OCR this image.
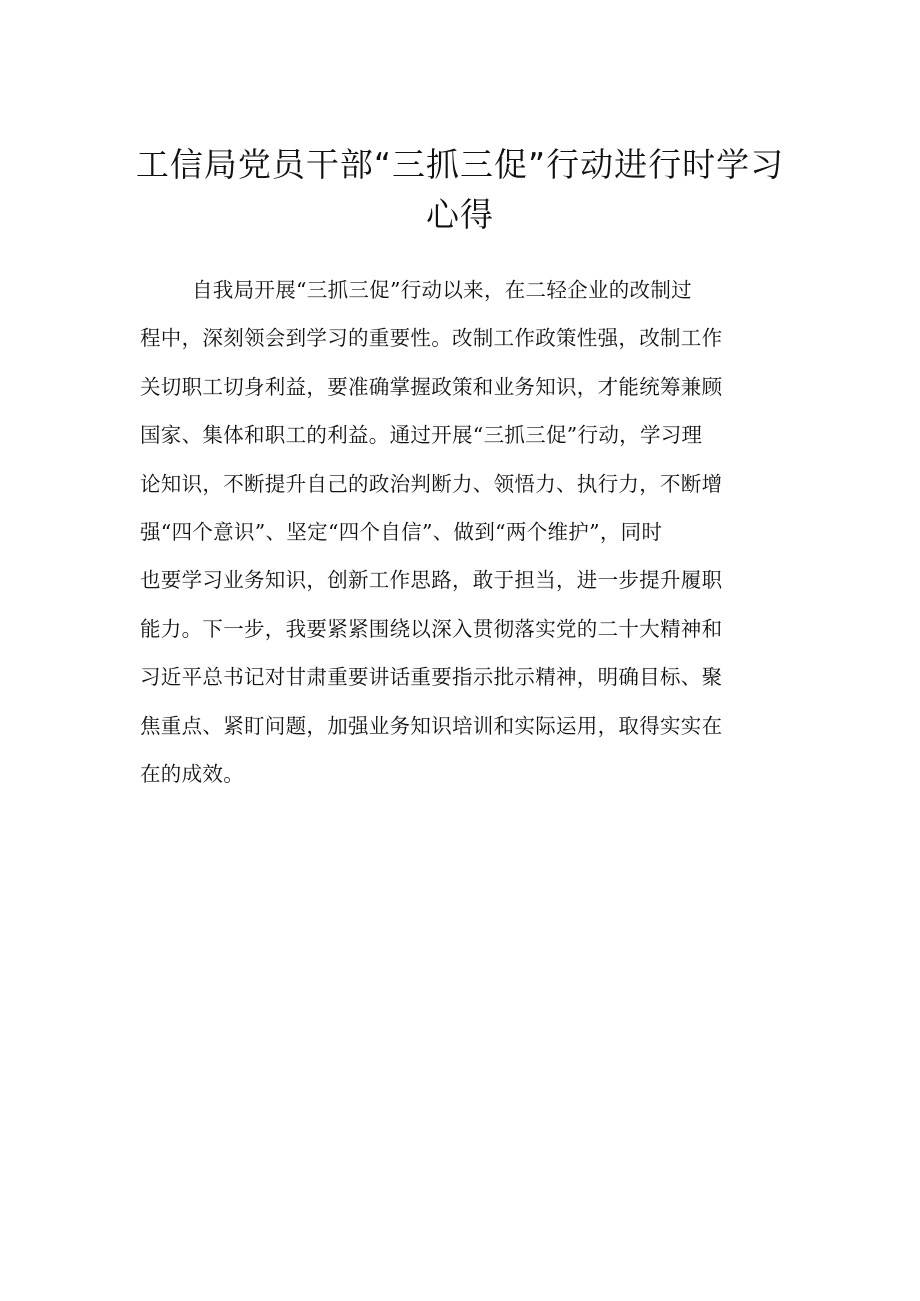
工信局党员干部“三抓三促”行动进行时学习
心得
自我局开展“三抓三促”行动以来，在二轻企业的改制过
程中，深刻领会到学习的重要性。改制工作政策性强，改制工作
关切职工切身利益，要准确掌握政策和业务知识，才能统筹兼顾
国家、集体和职工的利益。通过开展“三抓三促”行动，学习理
论知识，不断提升自己的政治判断力、领悟力、执行力，不断增
强“四个意识”、坚定“四个自信”、做到“两个维护”，同时
也要学习业务知识，创新工作思路，敢于担当，进一步提升履职
能力。下一步，我要紧紧围绕以深入贯彻落实党的二十大精神和
习近平总书记对甘肃重要讲话重要指示批示精神，明确目标、聚
焦重点、紧盯问题，加强业务知识培训和实际运用，取得实实在
在的成效。
